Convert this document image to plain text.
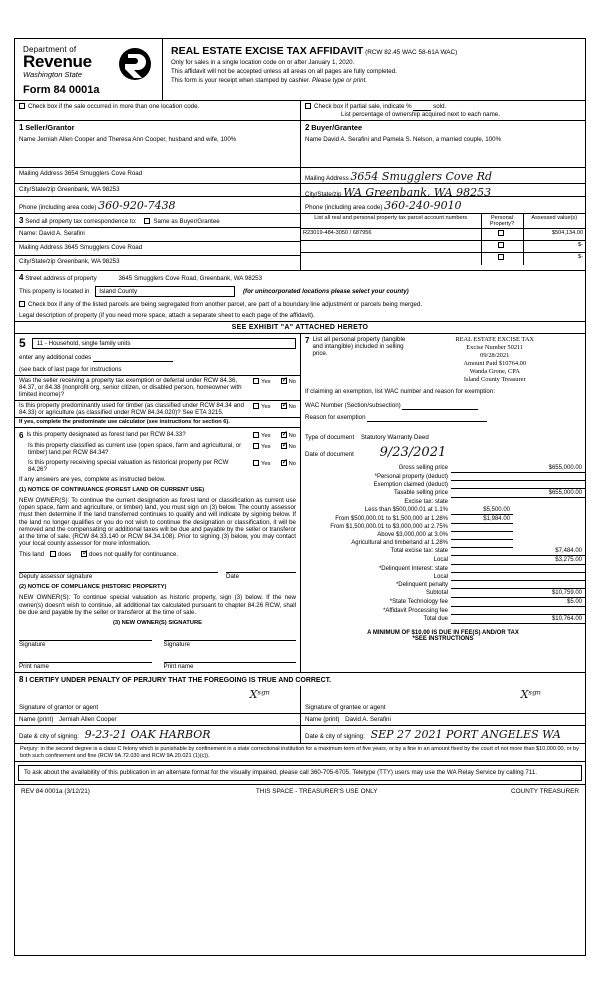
Department of
Revenue
Washington State
Form 84 0001a
REAL ESTATE EXCISE TAX AFFIDAVIT (RCW 82.45 WAC 58-61A WAC)

Only for sales in a single location code on or after January 1, 2020.

This affidavit will not be accepted unless all areas on all pages are fully completed.

This form is your receipt when stamped by cashier. Please type or print.

Check box if the sale occurred in more than one location code.	Check box if partial sale, indicate %	sold.
List percentage of ownership acquired next to each name.
1 Seller/Grantor
Name Jerniah Allen Cooper and Theresa Ann Cooper, husband and wife, 100%
Mailing Address 3654 Smugglers Cove Road
City/State/zip Greenbank, WA 98253
Phone (including area code) 360-920-7438
3 Send all property tax correspondence to:	Same as Buyer/Grantee
Name: David A. Serafini
Mailing Address 3645 Smugglers Cove Road
City/State/zip Greenbank, WA 98253
2 Buyer/Grantee
Name David A. Serafini and Pamela S. Nelson, a married couple, 100%
Mailing Address 3654 Smugglers Cove Rd
City/State/zip WA Greenbank, WA 98253
Phone (including area code) 360-240-9010
List all real and personal property tax parcel account numbers	Personal Property?	Assessed value(s)
R23019-484-3050 / 687956		$504,134.00
		$-
		$-
4 Street address of property	3645 Smugglers Cove Road, Greenbank, WA 98253
This property is located in Island County	(for unincorporated locations please select your county)
Check box if any of the listed parcels are being segregated from another parcel, are part of a boundary line adjustment or parcels being merged.
Legal description of property (if you need more space, attach a separate sheet to each page of the affidavit).
SEE EXHIBIT "A" ATTACHED HERETO
5	11 - Household, single family units
enter any additional codes
(see back of last page for instructions
Was the seller receiving a property tax exemption or deferral under RCW 84.36, 84.37, or 84.38 (nonprofit org, senior citizen, or disabled person, homeowner with limited income)?
Yes
✓	No
Is this property predominantly used for timber (as classified under RCW 84.34 and 84.33) or agriculture (as classified under RCW 84.34.020)? See ETA 3215.
Yes
✓	No
If yes, complete the predominate use calculator (see instructions for section 6).
6 Is this property designated as forest land per RCW 84.33?	Yes
✓	No
Is this property classified as current use (open space, farm and agricultural, or timber) land per RCW 84.34?
Yes
✓	No
Is this property receiving special valuation as historical property per RCW 84.26?
Yes
✓	No
If any answers are yes, complete as instructed below.
(1) NOTICE OF CONTINUANCE (FOREST LAND OR CURRENT USE)
NEW OWNER(S): To continue the current designation as forest land or classification as current use (open space, farm and agriculture, or timber) land, you must sign on (3) below. The county assessor must then determine if the land transferred continues to qualify and will indicate by signing below. If the land no longer qualifies or you do not wish to continue the designation or classification, it will be removed and the compensating or additional taxes will be due and payable by the seller or transferor at the time of sale. (RCW 84.33.140 or RCW 84.34.108). Prior to signing (3) below, you may contact your local county assessor for more information.
This land does ✓	does not qualify for continuance.
Deputy assessor signature	Date
(2) NOTICE OF COMPLIANCE (HISTORIC PROPERTY)
NEW OWNER(S): To continue special valuation as historic property, sign (3) below. If the new owner(s) doesn't wish to continue, all additional tax calculated pursuant to chapter 84.26 RCW, shall be due and payable by the seller or transferor at the time of sale.
(3) NEW OWNER(S) SIGNATURE
Signature	Signature
Print name	Print name
7 List all personal property (tangible and intangible) included in selling price.
REAL ESTATE EXCISE TAX
Excise Number 50211
09/28/2021
Amount Paid $10764.00
Wanda Grone, CPA
Island County Treasurer
If claiming an exemption, list WAC number and reason for exemption:
WAC Number (Section/subsection)
Reason for exemption
Type of document Statutory Warranty Deed
Date of document 9/23/2021
Gross selling price		$655,000.00
*Personal property (deduct)		
Exemption claimed (deduct)		
Taxable selling price		$655,000.00
Excise tax: state		
Less than $500,000.01 at 1.1%	$5,500.00	
From $500,000.01 to $1,500,000 at 1.28%	$1,984.00	
From $1,500,000.01 to $3,000,000 at 2.75%		
Above $3,000,000 at 3.0%		
Agricultural and timberland at 1.28%		
Total excise tax: state		$7,484.00
Local		$3,275.00
*Delinquent Interest: state		
Local		
*Delinquent penalty		
Subtotal		$10,759.00
*State Technology fee		$5.00
*Affidavit Processing fee		
Total due		$10,764.00
A MINIMUM OF $10.00 IS DUE IN FEE(S) AND/OR TAX
*SEE INSTRUCTIONS
8 I CERTIFY UNDER PENALTY OF PERJURY THAT THE FOREGOING IS TRUE AND CORRECT.
Xˢᵍⁿ
Signature of grantor or agent
Name (print) Jerniah Allen Cooper
Date & city of signing: 9-23-21 OAK HARBOR
Xˢᵍⁿ
Signature of grantee or agent
Name (print) David A. Serafini
Date & city of signing: SEP 27 2021 PORT ANGELES WA
Perjury: in the second degree is a class C felony which is punishable by confinement in a state correctional institution for a maximum term of five years, or by a fine in an amount fixed by the court of not more than $10,000.00, or by both such confinement and fine (RCW 9A.72.030 and RCW 9A.20.021 (1)(c)).
To ask about the availability of this publication in an alternate format for the visually impaired, please call 360-705-6705. Teletype (TTY) users may use the WA Relay Service by calling 711.
REV 84 0001a (3/12/21)	THIS SPACE - TREASURER'S USE ONLY	COUNTY TREASURER
